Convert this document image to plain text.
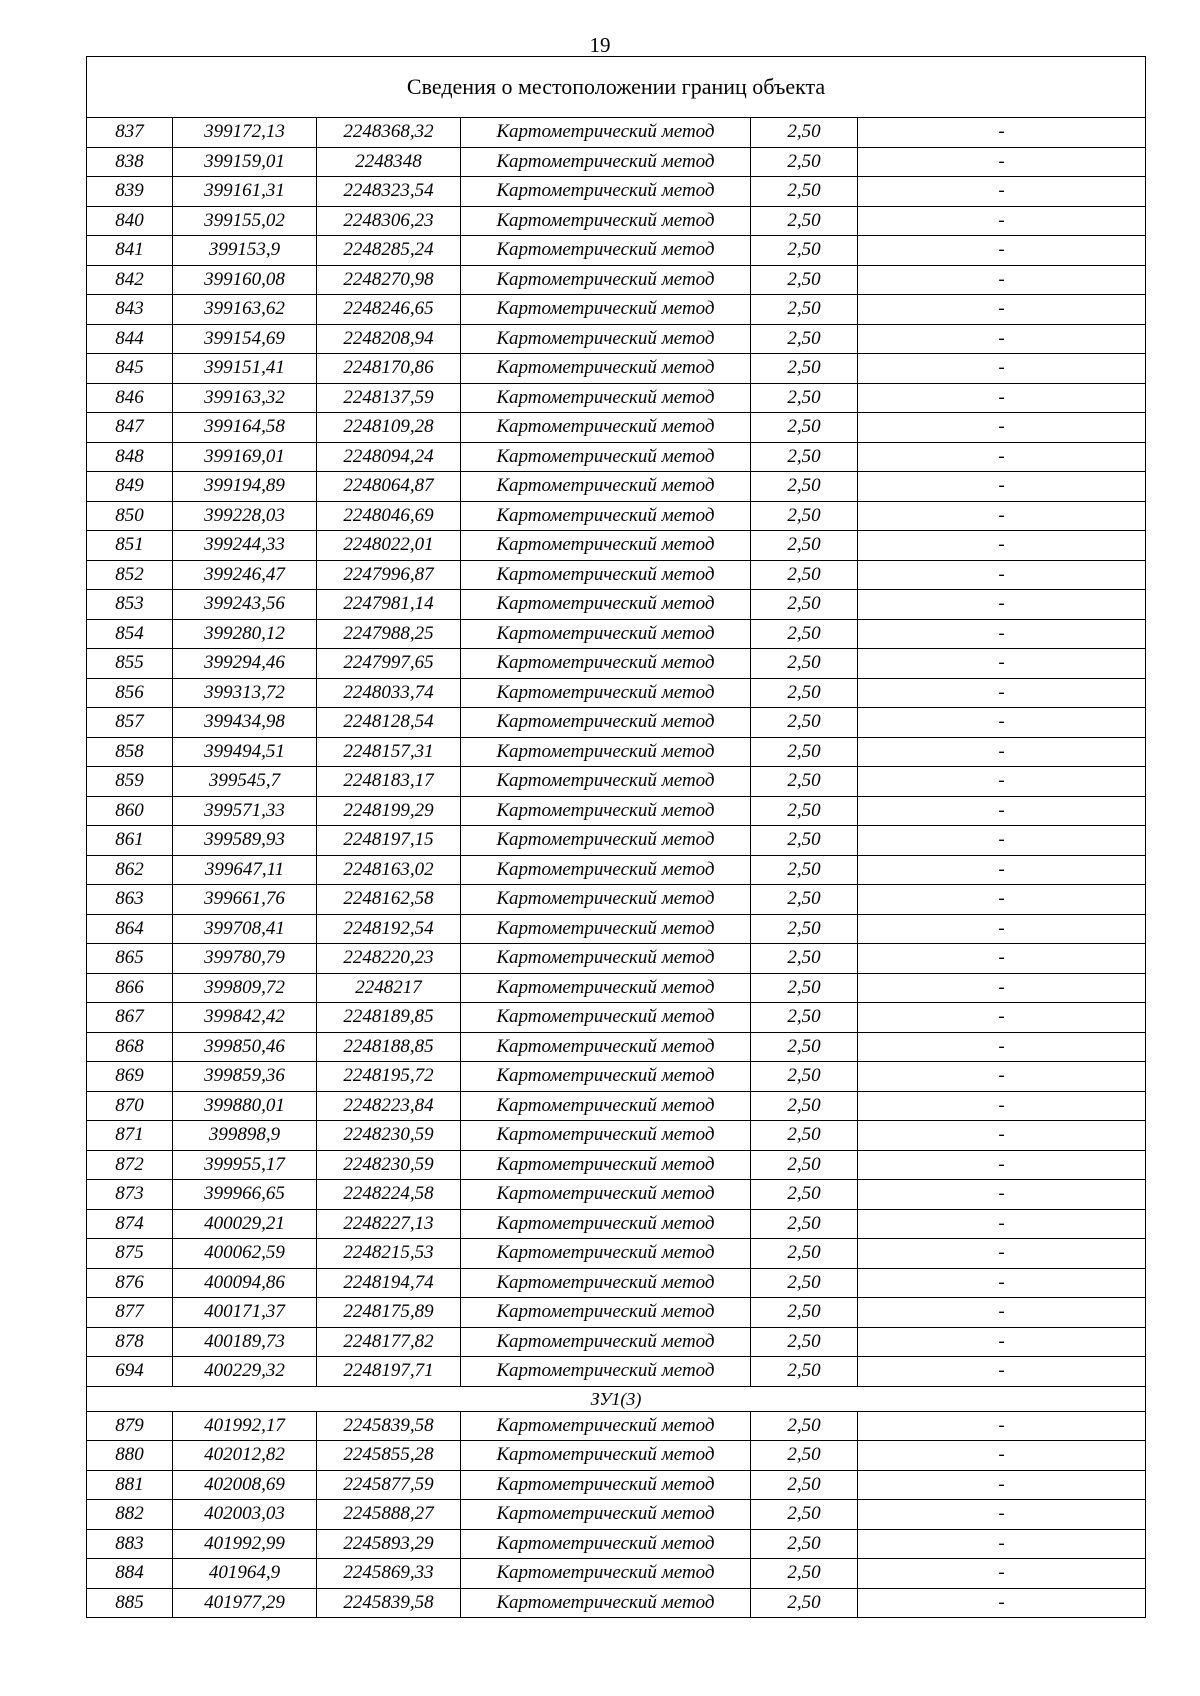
19
Сведения о местоположении границ объекта					
837	399172,13	2248368,32	Картометрический метод	2,50	-
838	399159,01	2248348	Картометрический метод	2,50	-
839	399161,31	2248323,54	Картометрический метод	2,50	-
840	399155,02	2248306,23	Картометрический метод	2,50	-
841	399153,9	2248285,24	Картометрический метод	2,50	-
842	399160,08	2248270,98	Картометрический метод	2,50	-
843	399163,62	2248246,65	Картометрический метод	2,50	-
844	399154,69	2248208,94	Картометрический метод	2,50	-
845	399151,41	2248170,86	Картометрический метод	2,50	-
846	399163,32	2248137,59	Картометрический метод	2,50	-
847	399164,58	2248109,28	Картометрический метод	2,50	-
848	399169,01	2248094,24	Картометрический метод	2,50	-
849	399194,89	2248064,87	Картометрический метод	2,50	-
850	399228,03	2248046,69	Картометрический метод	2,50	-
851	399244,33	2248022,01	Картометрический метод	2,50	-
852	399246,47	2247996,87	Картометрический метод	2,50	-
853	399243,56	2247981,14	Картометрический метод	2,50	-
854	399280,12	2247988,25	Картометрический метод	2,50	-
855	399294,46	2247997,65	Картометрический метод	2,50	-
856	399313,72	2248033,74	Картометрический метод	2,50	-
857	399434,98	2248128,54	Картометрический метод	2,50	-
858	399494,51	2248157,31	Картометрический метод	2,50	-
859	399545,7	2248183,17	Картометрический метод	2,50	-
860	399571,33	2248199,29	Картометрический метод	2,50	-
861	399589,93	2248197,15	Картометрический метод	2,50	-
862	399647,11	2248163,02	Картометрический метод	2,50	-
863	399661,76	2248162,58	Картометрический метод	2,50	-
864	399708,41	2248192,54	Картометрический метод	2,50	-
865	399780,79	2248220,23	Картометрический метод	2,50	-
866	399809,72	2248217	Картометрический метод	2,50	-
867	399842,42	2248189,85	Картометрический метод	2,50	-
868	399850,46	2248188,85	Картометрический метод	2,50	-
869	399859,36	2248195,72	Картометрический метод	2,50	-
870	399880,01	2248223,84	Картометрический метод	2,50	-
871	399898,9	2248230,59	Картометрический метод	2,50	-
872	399955,17	2248230,59	Картометрический метод	2,50	-
873	399966,65	2248224,58	Картометрический метод	2,50	-
874	400029,21	2248227,13	Картометрический метод	2,50	-
875	400062,59	2248215,53	Картометрический метод	2,50	-
876	400094,86	2248194,74	Картометрический метод	2,50	-
877	400171,37	2248175,89	Картометрический метод	2,50	-
878	400189,73	2248177,82	Картометрический метод	2,50	-
694	400229,32	2248197,71	Картометрический метод	2,50	-
ЗУ1(3)					
879	401992,17	2245839,58	Картометрический метод	2,50	-
880	402012,82	2245855,28	Картометрический метод	2,50	-
881	402008,69	2245877,59	Картометрический метод	2,50	-
882	402003,03	2245888,27	Картометрический метод	2,50	-
883	401992,99	2245893,29	Картометрический метод	2,50	-
884	401964,9	2245869,33	Картометрический метод	2,50	-
885	401977,29	2245839,58	Картометрический метод	2,50	-
